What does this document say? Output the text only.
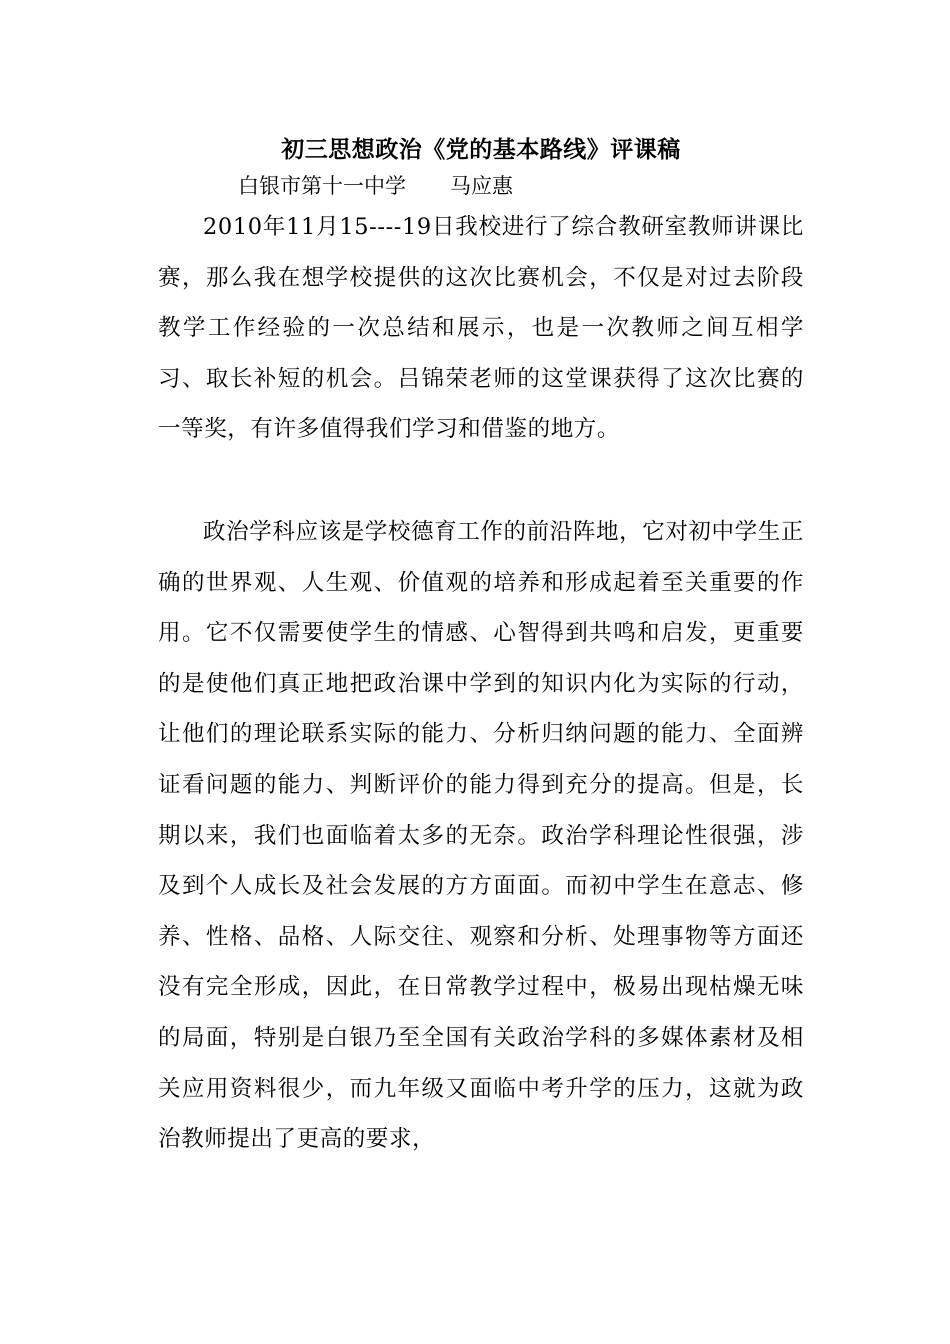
初三思想政治《党的基本路线》评课稿
白银市第十一中学 马应惠

2010年11月15----19日我校进行了综合教研室教师讲课比赛，那么我在想学校提供的这次比赛机会，不仅是对过去阶段教学工作经验的一次总结和展示，也是一次教师之间互相学习、取长补短的机会。吕锦荣老师的这堂课获得了这次比赛的一等奖，有许多值得我们学习和借鉴的地方。

政治学科应该是学校德育工作的前沿阵地，它对初中学生正确的世界观、人生观、价值观的培养和形成起着至关重要的作用。它不仅需要使学生的情感、心智得到共鸣和启发，更重要的是使他们真正地把政治课中学到的知识内化为实际的行动，让他们的理论联系实际的能力、分析归纳问题的能力、全面辨证看问题的能力、判断评价的能力得到充分的提高。但是，长期以来，我们也面临着太多的无奈。政治学科理论性很强，涉及到个人成长及社会发展的方方面面。而初中学生在意志、修养、性格、品格、人际交往、观察和分析、处理事物等方面还没有完全形成，因此，在日常教学过程中，极易出现枯燥无味的局面，特别是白银乃至全国有关政治学科的多媒体素材及相关应用资料很少，而九年级又面临中考升学的压力，这就为政治教师提出了更高的要求，
